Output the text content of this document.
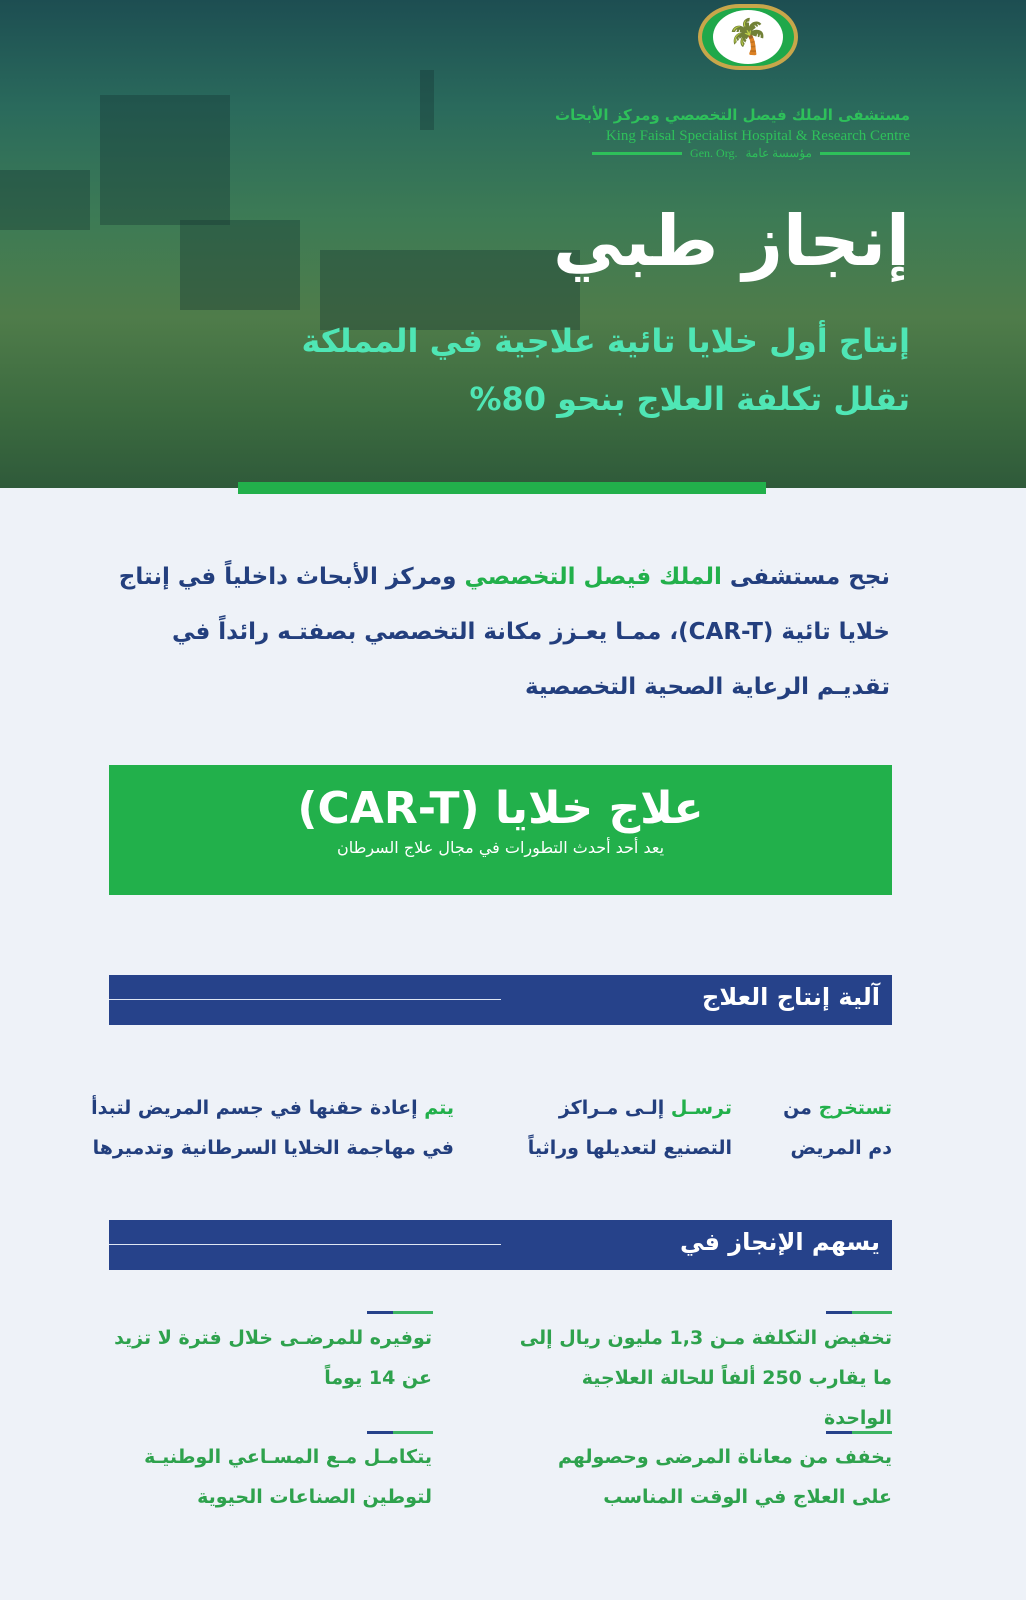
🌴
مستشفى الملك فيصل التخصصي ومركز الأبحاث
King Faisal Specialist Hospital & Research Centre
Gen. Org. مؤسسة عامة
إنجاز طبي
إنتاج أول خلايا تائية علاجية في المملكة
تقلل تكلفة العلاج بنحو 80%
نجح مستشفى الملك فيصل التخصصي ومركز الأبحاث داخلياً في إنتاج خلايا تائية (CAR-T)، ممـا يعـزز مكانة التخصصي بصفتـه رائداً في تقديـم الرعاية الصحية التخصصية
علاج خلايا (CAR-T)
يعد أحد أحدث التطورات في مجال علاج السرطان
آلية إنتاج العلاج
تستخرج من
دم المريض
ترسـل إلـى مـراكز
التصنيع لتعديلها وراثياً
يتم إعادة حقنها في جسم المريض لتبدأ
في مهاجمة الخلايا السرطانية وتدميرها
يسهم الإنجاز في
تخفيض التكلفة مـن 1,3 مليون ريال إلى ما يقارب 250 ألفاً للحالة العلاجية الواحدة
توفيره للمرضـى خلال فترة لا تزيد عن 14 يوماً
يخفف من معاناة المرضى وحصولهم على العلاج في الوقت المناسب
يتكامـل مـع المسـاعي الوطنيـة لتوطين الصناعات الحيوية
